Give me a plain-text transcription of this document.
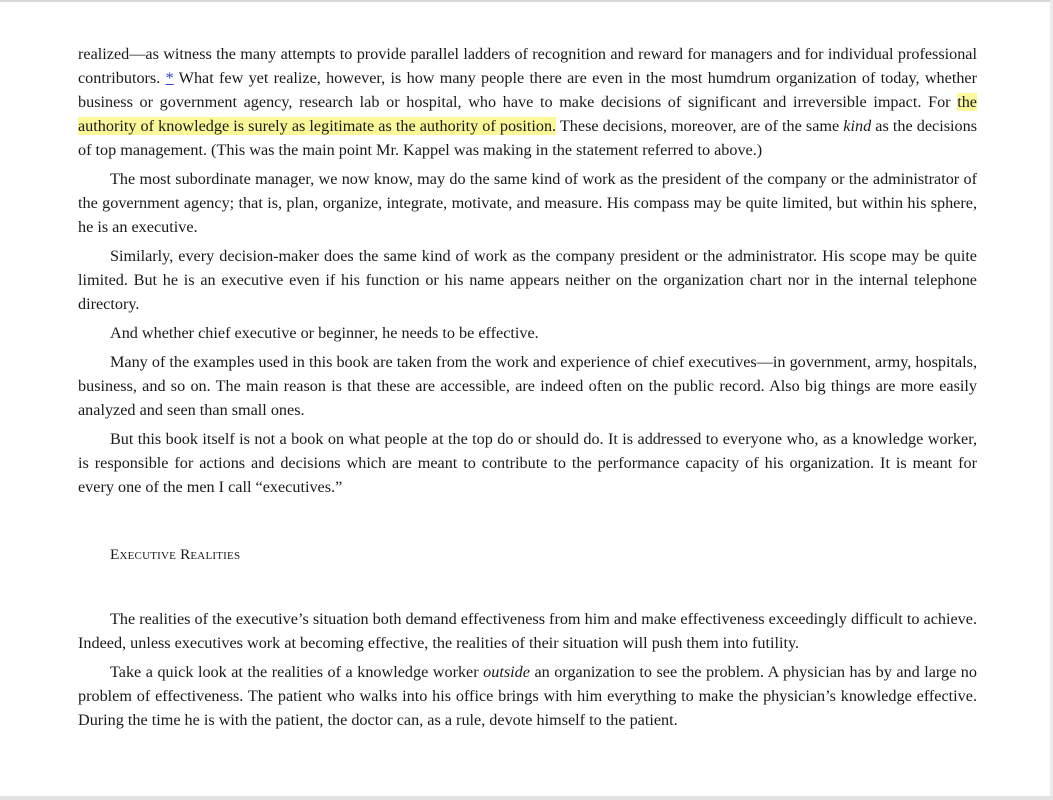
realized—as witness the many attempts to provide parallel ladders of recognition and reward for managers and for individual professional contributors. * What few yet realize, however, is how many people there are even in the most humdrum organization of today, whether business or government agency, research lab or hospital, who have to make decisions of significant and irreversible impact. For the authority of knowledge is surely as legitimate as the authority of position. These decisions, moreover, are of the same kind as the decisions of top management. (This was the main point Mr. Kappel was making in the statement referred to above.)

The most subordinate manager, we now know, may do the same kind of work as the president of the company or the administrator of the government agency; that is, plan, organize, integrate, motivate, and measure. His compass may be quite limited, but within his sphere, he is an executive.

Similarly, every decision-maker does the same kind of work as the company president or the administrator. His scope may be quite limited. But he is an executive even if his function or his name appears neither on the organization chart nor in the internal telephone directory.

And whether chief executive or beginner, he needs to be effective.

Many of the examples used in this book are taken from the work and experience of chief executives—in government, army, hospitals, business, and so on. The main reason is that these are accessible, are indeed often on the public record. Also big things are more easily analyzed and seen than small ones.

But this book itself is not a book on what people at the top do or should do. It is addressed to everyone who, as a knowledge worker, is responsible for actions and decisions which are meant to contribute to the performance capacity of his organization. It is meant for every one of the men I call “executives.”

Executive Realities

The realities of the executive’s situation both demand effectiveness from him and make effectiveness exceedingly difficult to achieve. Indeed, unless executives work at becoming effective, the realities of their situation will push them into futility.

Take a quick look at the realities of a knowledge worker outside an organization to see the problem. A physician has by and large no problem of effectiveness. The patient who walks into his office brings with him everything to make the physician’s knowledge effective. During the time he is with the patient, the doctor can, as a rule, devote himself to the patient.
